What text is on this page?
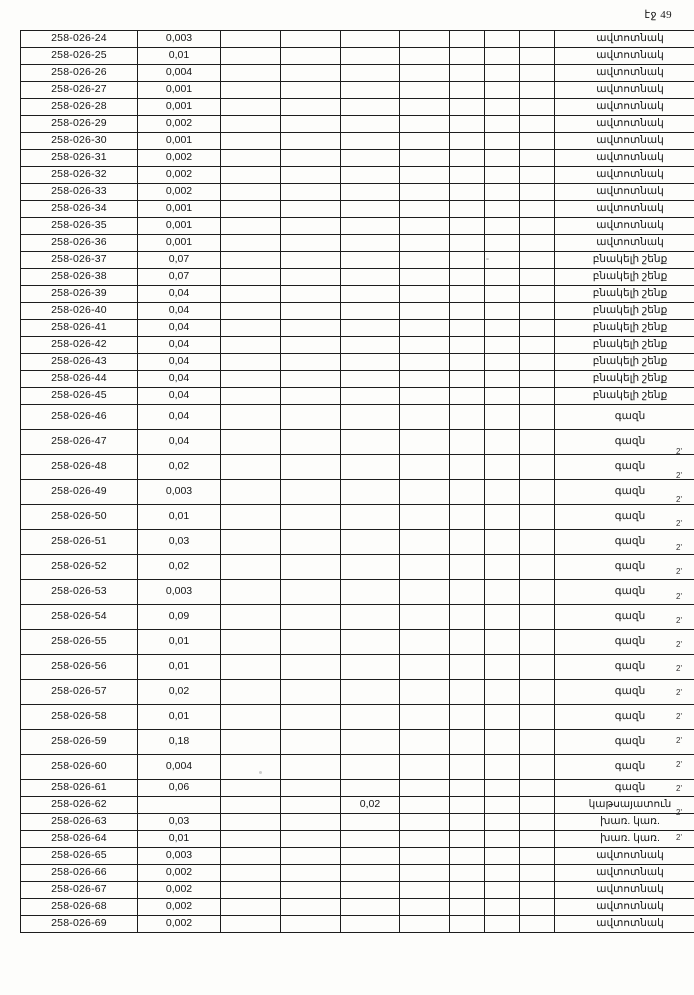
էջ 49
258-026-24	0,003								ավտոտնակ
258-026-25	0,01								ավտոտնակ
258-026-26	0,004								ավտոտնակ
258-026-27	0,001								ավտոտնակ
258-026-28	0,001								ավտոտնակ
258-026-29	0,002								ավտոտնակ
258-026-30	0,001								ավտոտնակ
258-026-31	0,002								ավտոտնակ
258-026-32	0,002								ավտոտնակ
258-026-33	0,002								ավտոտնակ
258-026-34	0,001								ավտոտնակ
258-026-35	0,001								ավտոտնակ
258-026-36	0,001								ավտոտնակ
258-026-37	0,07								բնակելի շենք
258-026-38	0,07								բնակելի շենք
258-026-39	0,04								բնակելի շենք
258-026-40	0,04								բնակելի շենք
258-026-41	0,04								բնակելի շենք
258-026-42	0,04								բնակելի շենք
258-026-43	0,04								բնակելի շենք
258-026-44	0,04								բնակելի շենք
258-026-45	0,04								բնակելի շենք
258-026-46	0,04								գազն
258-026-47	0,04								գազն
258-026-48	0,02								գազն
258-026-49	0,003								գազն
258-026-50	0,01								գազն
258-026-51	0,03								գազն
258-026-52	0,02								գազն
258-026-53	0,003								գազն
258-026-54	0,09								գազն
258-026-55	0,01								գազն
258-026-56	0,01								գազն
258-026-57	0,02								գազն
258-026-58	0,01								գազն
258-026-59	0,18								գազն
258-026-60	0,004								գազն
258-026-61	0,06								գազն
258-026-62				0,02					կաթսայատուն
258-026-63	0,03								խառ. կառ.
258-026-64	0,01								խառ. կառ.
258-026-65	0,003								ավտոտնակ
258-026-66	0,002								ավտոտնակ
258-026-67	0,002								ավտոտնակ
258-026-68	0,002								ավտոտնակ
258-026-69	0,002								ավտոտնակ
2'
2'
2'
2'
2'
2'
2'
2'
2'
2'
2'
2'
2'
2'
2'
2'
2'
